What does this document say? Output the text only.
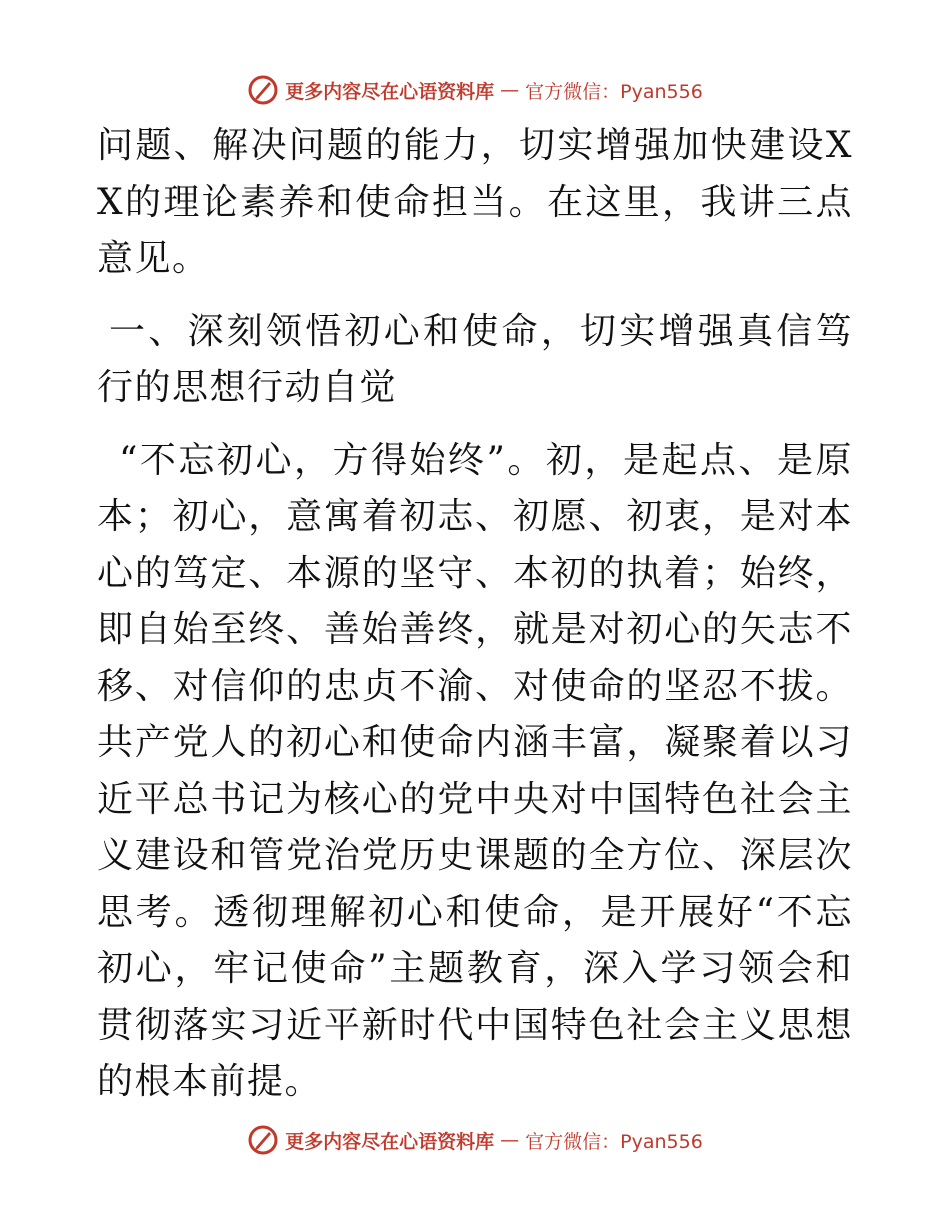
更多内容尽在心语资料库 — 官方微信：Pyan556

问题、解决问题的能力，切实增强加快建设XX的理论素养和使命担当。在这里，我讲三点意见。

一、深刻领悟初心和使命，切实增强真信笃行的思想行动自觉

“不忘初心，方得始终”。初，是起点、是原本；初心，意寓着初志、初愿、初衷，是对本心的笃定、本源的坚守、本初的执着；始终，即自始至终、善始善终，就是对初心的矢志不移、对信仰的忠贞不渝、对使命的坚忍不拔。共产党人的初心和使命内涵丰富，凝聚着以习近平总书记为核心的党中央对中国特色社会主义建设和管党治党历史课题的全方位、深层次思考。透彻理解初心和使命，是开展好“不忘初心，牢记使命”主题教育，深入学习领会和贯彻落实习近平新时代中国特色社会主义思想的根本前提。

更多内容尽在心语资料库 — 官方微信：Pyan556
